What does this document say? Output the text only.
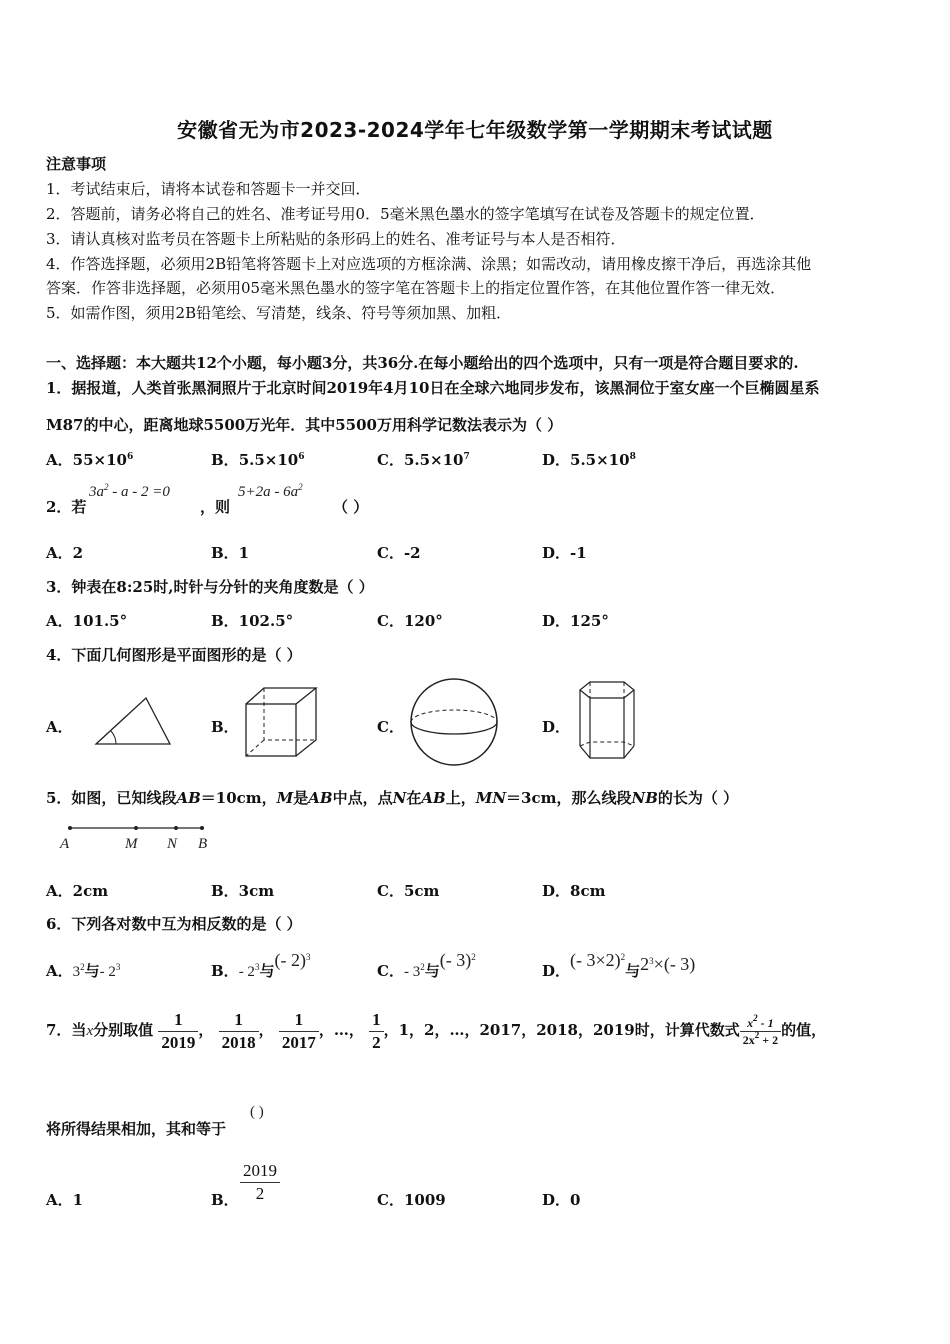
安徽省无为市2023-2024学年七年级数学第一学期期末考试试题
注意事项
1．考试结束后，请将本试卷和答题卡一并交回．
2．答题前，请务必将自己的姓名、准考证号用0．5毫米黑色墨水的签字笔填写在试卷及答题卡的规定位置．
3．请认真核对监考员在答题卡上所粘贴的条形码上的姓名、准考证号与本人是否相符．
4．作答选择题，必须用2B铅笔将答题卡上对应选项的方框涂满、涂黑；如需改动，请用橡皮擦干净后，再选涂其他
答案．作答非选择题，必须用05毫米黑色墨水的签字笔在答题卡上的指定位置作答，在其他位置作答一律无效．
5．如需作图，须用2B铅笔绘、写清楚，线条、符号等须加黑、加粗．
一、选择题：本大题共12个小题，每小题3分，共36分.在每小题给出的四个选项中，只有一项是符合题目要求的.
1．据报道，人类首张黑洞照片于北京时间2019年4月10日在全球六地同步发布，该黑洞位于室女座一个巨椭圆星系
M87的中心，距离地球5500万光年．其中5500万用科学记数法表示为（ ）
A．$55\times 10^6$	B．$5.5\times 10^6$	C．$5.5\times 10^7$	D．$5.5\times 10^8$
2．若
$3a^2 - a - 2 =0$
，则
$5+2a - 6a^2$
（ ）
A．2	B．1	C．-2	D．-1
3．钟表在8:25时,时针与分针的夹角度数是（ ）
A．101.5°	B．102.5°	C．120°	D．125°
4．下面几何图形是平面图形的是（ ）
A．	B．	C．	D．
5．如图，已知线段AB＝10cm，M是AB中点，点N在AB上，MN＝3cm，那么线段NB的长为（ ）
A	M N B
A．2cm	B．3cm	C．5cm	D．8cm
6．下列各对数中互为相反数的是（ ）
A．$3^2$与- $2^3$	B．- $2^3$与(- 2)$^3$
C．- $3^2$与(- 3)$^2$
D．(- 3×2)$^2$与$2^3\times(-$ 3)
7．当x分别取值 $\frac{1}{2019}$ ， $\frac{1}{2018}$ ， $\frac{1}{2017}$ ，…， $\frac{1}{2}$ ，1，2，…，2017，2018，2019时，计算代数式 $\frac{x^2 - 1}{2x^2 + 2}$ 的值，
将所得结果相加，其和等于
( )
A．1	B． $\frac{2019}{2}$	C．1009	D．0
